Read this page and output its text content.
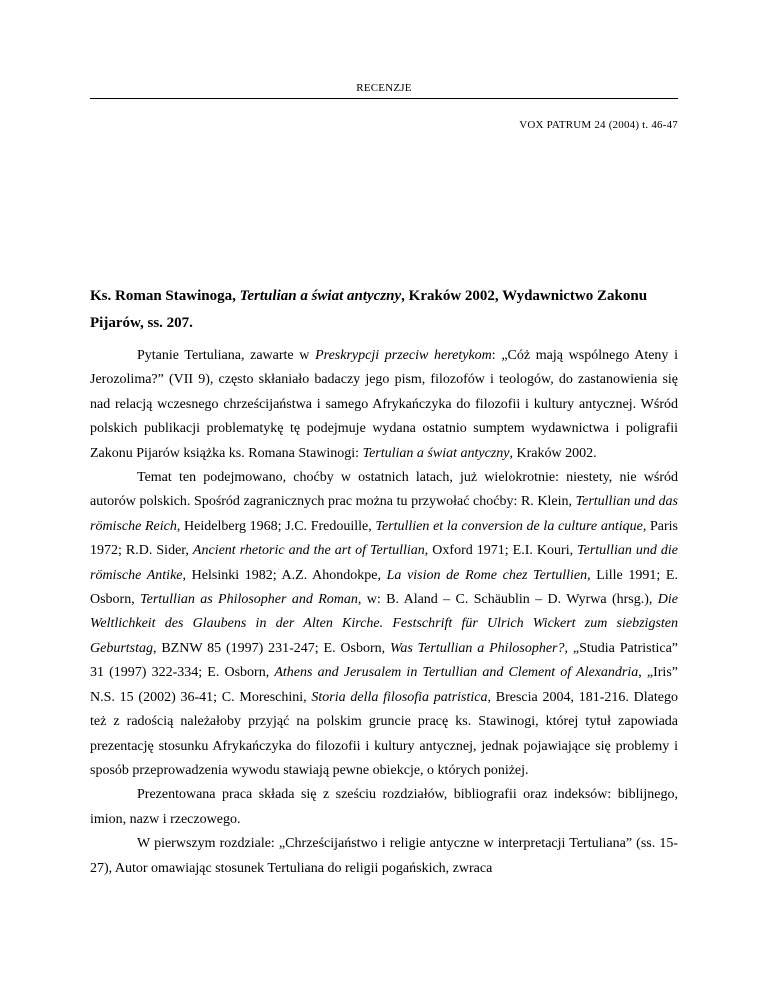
RECENZJE
VOX PATRUM 24 (2004) t. 46-47
Ks. Roman Stawinoga, Tertulian a świat antyczny, Kraków 2002, Wydawnictwo Zakonu Pijarów, ss. 207.

Pytanie Tertuliana, zawarte w Preskrypcji przeciw heretykom: „Cóż mają wspólnego Ateny i Jerozolima?” (VII 9), często skłaniało badaczy jego pism, filozofów i teologów, do zastanowienia się nad relacją wczesnego chrześcijaństwa i samego Afrykańczyka do filozofii i kultury antycznej. Wśród polskich publikacji problematykę tę podejmuje wydana ostatnio sumptem wydawnictwa i poligrafii Zakonu Pijarów książka ks. Romana Stawinogi: Tertulian a świat antyczny, Kraków 2002.

Temat ten podejmowano, choćby w ostatnich latach, już wielokrotnie: niestety, nie wśród autorów polskich. Spośród zagranicznych prac można tu przywołać choćby: R. Klein, Tertullian und das römische Reich, Heidelberg 1968; J.C. Fredouille, Tertullien et la conversion de la culture antique, Paris 1972; R.D. Sider, Ancient rhetoric and the art of Tertullian, Oxford 1971; E.I. Kouri, Tertullian und die römische Antike, Helsinki 1982; A.Z. Ahondokpe, La vision de Rome chez Tertullien, Lille 1991; E. Osborn, Tertullian as Philosopher and Roman, w: B. Aland – C. Schäublin – D. Wyrwa (hrsg.), Die Weltlichkeit des Glaubens in der Alten Kirche. Festschrift für Ulrich Wickert zum siebzigsten Geburtstag, BZNW 85 (1997) 231-247; E. Osborn, Was Tertullian a Philosopher?, „Studia Patristica” 31 (1997) 322-334; E. Osborn, Athens and Jerusalem in Tertullian and Clement of Alexandria, „Iris” N.S. 15 (2002) 36-41; C. Moreschini, Storia della filosofia patristica, Brescia 2004, 181-216. Dlatego też z radością należałoby przyjąć na polskim gruncie pracę ks. Stawinogi, której tytuł zapowiada prezentację stosunku Afrykańczyka do filozofii i kultury antycznej, jednak pojawiające się problemy i sposób przeprowadzenia wywodu stawiają pewne obiekcje, o których poniżej.

Prezentowana praca składa się z sześciu rozdziałów, bibliografii oraz indeksów: biblijnego, imion, nazw i rzeczowego.

W pierwszym rozdziale: „Chrześcijaństwo i religie antyczne w interpretacji Tertuliana” (ss. 15-27), Autor omawiając stosunek Tertuliana do religii pogańskich, zwraca
